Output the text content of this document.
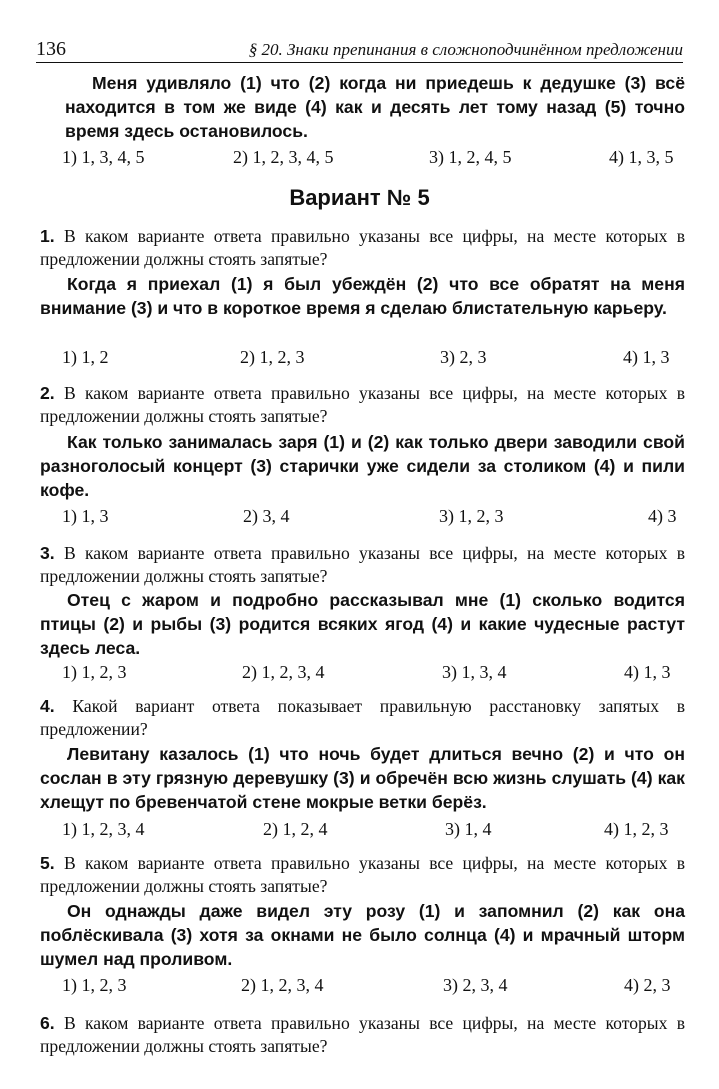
136	§ 20. Знаки препинания в сложноподчинённом предложении
Меня удивляло (1) что (2) когда ни приедешь к дедушке (3) всё находится в том же виде (4) как и десять лет тому назад (5) точно время здесь остановилось.
1) 1, 3, 4, 5	2) 1, 2, 3, 4, 5	3) 1, 2, 4, 5	4) 1, 3, 5
Вариант № 5
1. В каком варианте ответа правильно указаны все цифры, на месте которых в предложении должны стоять запятые?
Когда я приехал (1) я был убеждён (2) что все обратят на меня внимание (3) и что в короткое время я сделаю блистательную карьеру.
1) 1, 2	2) 1, 2, 3	3) 2, 3	4) 1, 3
2. В каком варианте ответа правильно указаны все цифры, на месте которых в предложении должны стоять запятые?
Как только занималась заря (1) и (2) как только двери заводили свой разноголосый концерт (3) старички уже сидели за столиком (4) и пили кофе.
1) 1, 3	2) 3, 4	3) 1, 2, 3	4) 3
3. В каком варианте ответа правильно указаны все цифры, на месте которых в предложении должны стоять запятые?
Отец с жаром и подробно рассказывал мне (1) сколько водится птицы (2) и рыбы (3) родится всяких ягод (4) и какие чудесные растут здесь леса.
1) 1, 2, 3	2) 1, 2, 3, 4	3) 1, 3, 4	4) 1, 3
4. Какой вариант ответа показывает правильную расстановку запятых в предложении?
Левитану казалось (1) что ночь будет длиться вечно (2) и что он сослан в эту грязную деревушку (3) и обречён всю жизнь слушать (4) как хлещут по бревенчатой стене мокрые ветки берёз.
1) 1, 2, 3, 4	2) 1, 2, 4	3) 1, 4	4) 1, 2, 3
5. В каком варианте ответа правильно указаны все цифры, на месте которых в предложении должны стоять запятые?
Он однажды даже видел эту розу (1) и запомнил (2) как она поблёскивала (3) хотя за окнами не было солнца (4) и мрачный шторм шумел над проливом.
1) 1, 2, 3	2) 1, 2, 3, 4	3) 2, 3, 4	4) 2, 3
6. В каком варианте ответа правильно указаны все цифры, на месте которых в предложении должны стоять запятые?
